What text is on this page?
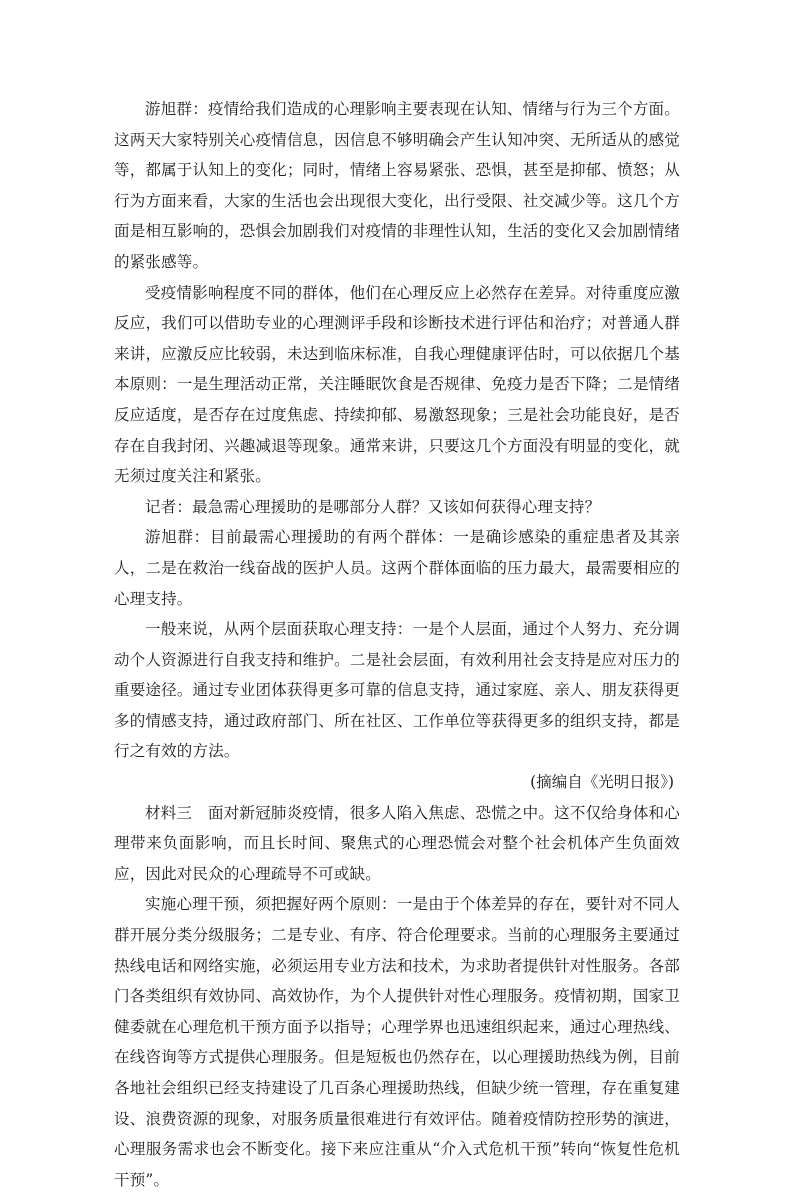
游旭群：疫情给我们造成的心理影响主要表现在认知、情绪与行为三个方面。这两天大家特别关心疫情信息，因信息不够明确会产生认知冲突、无所适从的感觉等，都属于认知上的变化；同时，情绪上容易紧张、恐惧，甚至是抑郁、愤怒；从行为方面来看，大家的生活也会出现很大变化，出行受限、社交减少等。这几个方面是相互影响的，恐惧会加剧我们对疫情的非理性认知，生活的变化又会加剧情绪的紧张感等。

受疫情影响程度不同的群体，他们在心理反应上必然存在差异。对待重度应激反应，我们可以借助专业的心理测评手段和诊断技术进行评估和治疗；对普通人群来讲，应激反应比较弱，未达到临床标准，自我心理健康评估时，可以依据几个基本原则：一是生理活动正常，关注睡眠饮食是否规律、免疫力是否下降；二是情绪反应适度，是否存在过度焦虑、持续抑郁、易激怒现象；三是社会功能良好，是否存在自我封闭、兴趣减退等现象。通常来讲，只要这几个方面没有明显的变化，就无须过度关注和紧张。

记者：最急需心理援助的是哪部分人群？又该如何获得心理支持？

游旭群：目前最需心理援助的有两个群体：一是确诊感染的重症患者及其亲人，二是在救治一线奋战的医护人员。这两个群体面临的压力最大，最需要相应的心理支持。

一般来说，从两个层面获取心理支持：一是个人层面，通过个人努力、充分调动个人资源进行自我支持和维护。二是社会层面，有效利用社会支持是应对压力的重要途径。通过专业团体获得更多可靠的信息支持，通过家庭、亲人、朋友获得更多的情感支持，通过政府部门、所在社区、工作单位等获得更多的组织支持，都是行之有效的方法。

(摘编自《光明日报》)

材料三　面对新冠肺炎疫情，很多人陷入焦虑、恐慌之中。这不仅给身体和心理带来负面影响，而且长时间、聚焦式的心理恐慌会对整个社会机体产生负面效应，因此对民众的心理疏导不可或缺。

实施心理干预，须把握好两个原则：一是由于个体差异的存在，要针对不同人群开展分类分级服务；二是专业、有序、符合伦理要求。当前的心理服务主要通过热线电话和网络实施，必须运用专业方法和技术，为求助者提供针对性服务。各部门各类组织有效协同、高效协作，为个人提供针对性心理服务。疫情初期，国家卫健委就在心理危机干预方面予以指导；心理学界也迅速组织起来，通过心理热线、在线咨询等方式提供心理服务。但是短板也仍然存在，以心理援助热线为例，目前各地社会组织已经支持建设了几百条心理援助热线，但缺少统一管理，存在重复建设、浪费资源的现象，对服务质量很难进行有效评估。随着疫情防控形势的演进，心理服务需求也会不断变化。接下来应注重从“介入式危机干预”转向“恢复性危机干预”。
